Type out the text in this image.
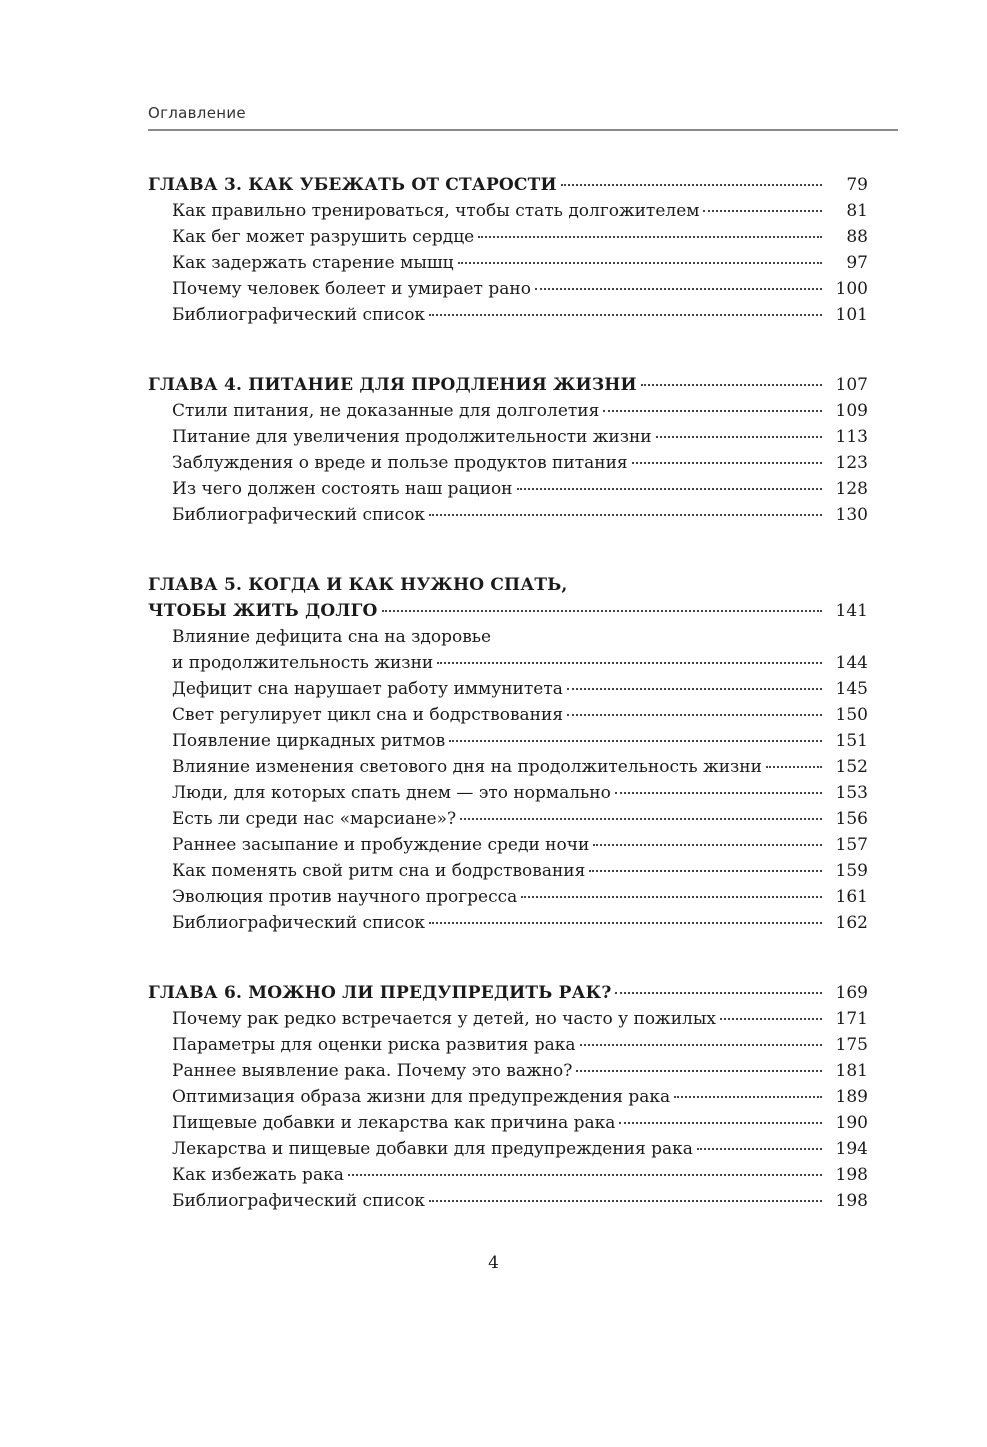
Оглавление
ГЛАВА 3. КАК УБЕЖАТЬ ОТ СТАРОСТИ	79
Как правильно тренироваться, чтобы стать долгожителем	81
Как бег может разрушить сердце	88
Как задержать старение мышц	97
Почему человек болеет и умирает рано	100
Библиографический список	101
ГЛАВА 4. ПИТАНИЕ ДЛЯ ПРОДЛЕНИЯ ЖИЗНИ	107
Стили питания, не доказанные для долголетия	109
Питание для увеличения продолжительности жизни	113
Заблуждения о вреде и пользе продуктов питания	123
Из чего должен состоять наш рацион	128
Библиографический список	130
ГЛАВА 5. КОГДА И КАК НУЖНО СПАТЬ,
ЧТОБЫ ЖИТЬ ДОЛГО	141
Влияние дефицита сна на здоровье
и продолжительность жизни	144
Дефицит сна нарушает работу иммунитета	145
Свет регулирует цикл сна и бодрствования	150
Появление циркадных ритмов	151
Влияние изменения светового дня на продолжительность жизни	152
Люди, для которых спать днем — это нормально	153
Есть ли среди нас «марсиане»?	156
Раннее засыпание и пробуждение среди ночи	157
Как поменять свой ритм сна и бодрствования	159
Эволюция против научного прогресса	161
Библиографический список	162
ГЛАВА 6. МОЖНО ЛИ ПРЕДУПРЕДИТЬ РАК?	169
Почему рак редко встречается у детей, но часто у пожилых	171
Параметры для оценки риска развития рака	175
Раннее выявление рака. Почему это важно?	181
Оптимизация образа жизни для предупреждения рака	189
Пищевые добавки и лекарства как причина рака	190
Лекарства и пищевые добавки для предупреждения рака	194
Как избежать рака	198
Библиографический список	198
4
